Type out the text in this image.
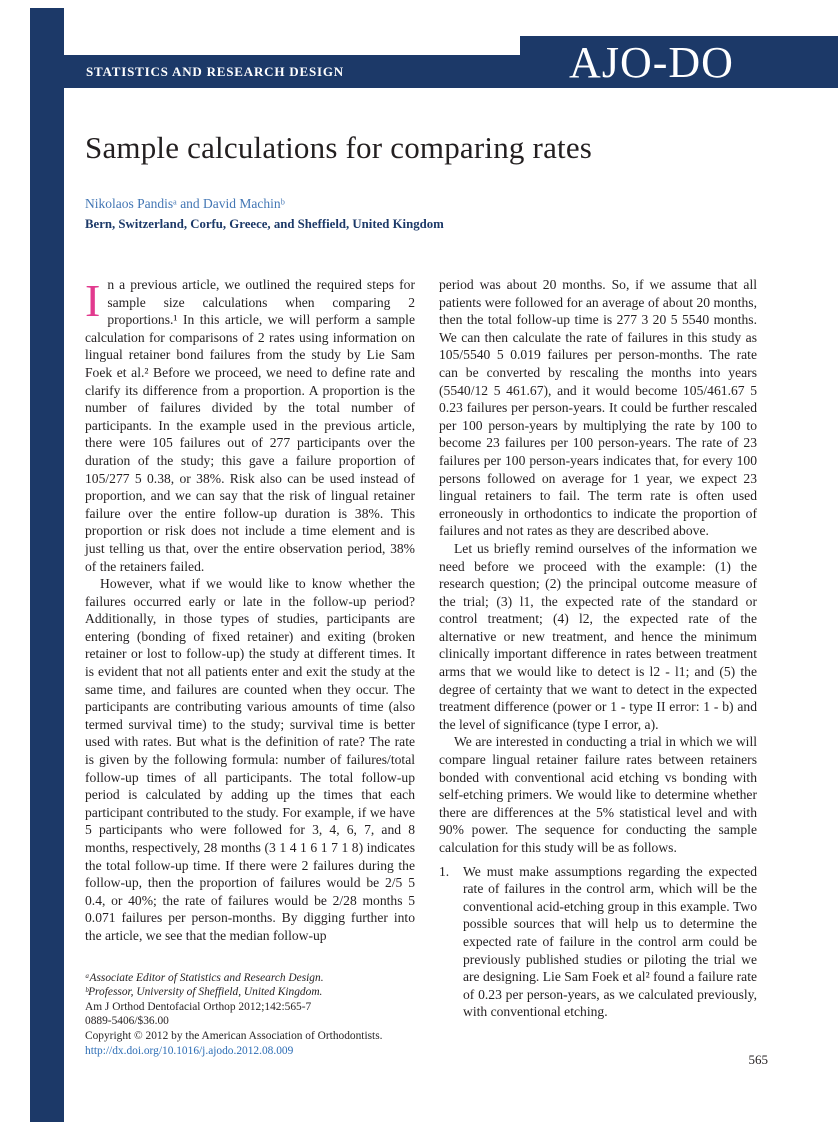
STATISTICS AND RESEARCH DESIGN	AJO-DO
Sample calculations for comparing rates
Nikolaos Pandisᵃ and David Machinᵇ
Bern, Switzerland, Corfu, Greece, and Sheffield, United Kingdom

In a previous article, we outlined the required steps for sample size calculations when comparing 2 proportions.¹ In this article, we will perform a sample calculation for comparisons of 2 rates using information on lingual retainer bond failures from the study by Lie Sam Foek et al.² Before we proceed, we need to define rate and clarify its difference from a proportion. A proportion is the number of failures divided by the total number of participants. In the example used in the previous article, there were 105 failures out of 277 participants over the duration of the study; this gave a failure proportion of 105/277 5 0.38, or 38%. Risk also can be used instead of proportion, and we can say that the risk of lingual retainer failure over the entire follow-up duration is 38%. This proportion or risk does not include a time element and is just telling us that, over the entire observation period, 38% of the retainers failed.

However, what if we would like to know whether the failures occurred early or late in the follow-up period? Additionally, in those types of studies, participants are entering (bonding of fixed retainer) and exiting (broken retainer or lost to follow-up) the study at different times. It is evident that not all patients enter and exit the study at the same time, and failures are counted when they occur. The participants are contributing various amounts of time (also termed survival time) to the study; survival time is better used with rates. But what is the definition of rate? The rate is given by the following formula: number of failures/total follow-up times of all participants. The total follow-up period is calculated by adding up the times that each participant contributed to the study. For example, if we have 5 participants who were followed for 3, 4, 6, 7, and 8 months, respectively, 28 months (3 1 4 1 6 1 7 1 8) indicates the total follow-up time. If there were 2 failures during the follow-up, then the proportion of failures would be 2/5 5 0.4, or 40%; the rate of failures would be 2/28 months 5 0.071 failures per person-months. By digging further into the article, we see that the median follow-up

ᵃAssociate Editor of Statistics and Research Design.
ᵇProfessor, University of Sheffield, United Kingdom.
Am J Orthod Dentofacial Orthop 2012;142:565-7
0889-5406/$36.00
Copyright © 2012 by the American Association of Orthodontists.
http://dx.doi.org/10.1016/j.ajodo.2012.08.009

period was about 20 months. So, if we assume that all patients were followed for an average of about 20 months, then the total follow-up time is 277 3 20 5 5540 months. We can then calculate the rate of failures in this study as 105/5540 5 0.019 failures per person-months. The rate can be converted by rescaling the months into years (5540/12 5 461.67), and it would become 105/461.67 5 0.23 failures per person-years. It could be further rescaled per 100 person-years by multiplying the rate by 100 to become 23 failures per 100 person-years. The rate of 23 failures per 100 person-years indicates that, for every 100 persons followed on average for 1 year, we expect 23 lingual retainers to fail. The term rate is often used erroneously in orthodontics to indicate the proportion of failures and not rates as they are described above.

Let us briefly remind ourselves of the information we need before we proceed with the example: (1) the research question; (2) the principal outcome measure of the trial; (3) l1, the expected rate of the standard or control treatment; (4) l2, the expected rate of the alternative or new treatment, and hence the minimum clinically important difference in rates between treatment arms that we would like to detect is l2 - l1; and (5) the degree of certainty that we want to detect in the expected treatment difference (power or 1 - type II error: 1 - b) and the level of significance (type I error, a).

We are interested in conducting a trial in which we will compare lingual retainer failure rates between retainers bonded with conventional acid etching vs bonding with self-etching primers. We would like to determine whether there are differences at the 5% statistical level and with 90% power. The sequence for conducting the sample calculation for this study will be as follows.

1.	We must make assumptions regarding the expected rate of failures in the control arm, which will be the conventional acid-etching group in this example. Two possible sources that will help us to determine the expected rate of failure in the control arm could be previously published studies or piloting the trial we are designing. Lie Sam Foek et al² found a failure rate of 0.23 per person-years, as we calculated previously, with conventional etching.

565
